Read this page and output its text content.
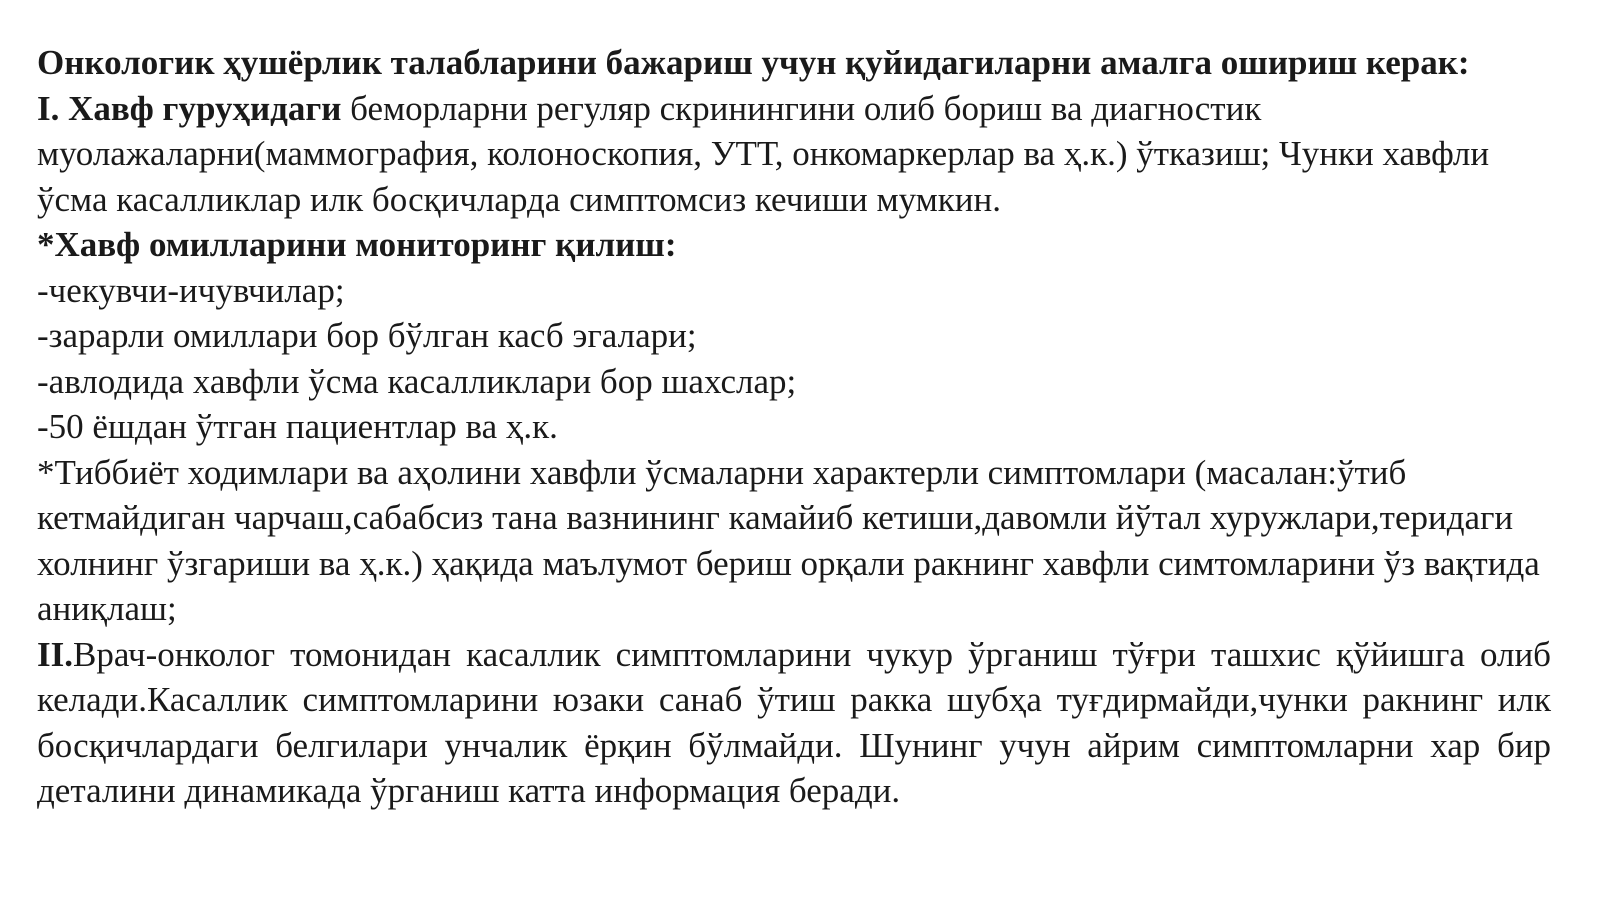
Онкологик ҳушёрлик талабларини бажариш учун қуйидагиларни амалга ошириш керак:

I. Хавф гуруҳидаги беморларни регуляр скринингини олиб бориш ва диагностик муолажаларни(маммография, колоноскопия, УТТ, онкомаркерлар ва ҳ.к.) ўтказиш; Чунки хавфли ўсма касалликлар илк босқичларда симптомсиз кечиши мумкин.

*Хавф омилларини мониторинг қилиш:

-чекувчи-ичувчилар;
-зарарли омиллари бор бўлган касб эгалари;
-авлодида хавфли ўсма касалликлари бор шахслар;
-50 ёшдан ўтган пациентлар ва ҳ.к.

*Тиббиёт ходимлари ва аҳолини хавфли ўсмаларни характерли симптомлари (масалан:ўтиб кетмайдиган чарчаш,сабабсиз тана вазнининг камайиб кетиши,давомли йўтал хуружлари,теридаги холнинг ўзгариши ва ҳ.к.) ҳақида маълумот бериш орқали ракнинг хавфли симтомларини ўз вақтида аниқлаш;

II.Врач-онколог томонидан касаллик симптомларини чукур ўрганиш тўғри ташхис қўйишга олиб келади.Касаллик симптомларини юзаки санаб ўтиш ракка шубҳа туғдирмайди,чунки ракнинг илк босқичлардаги белгилари унчалик ёрқин бўлмайди. Шунинг учун айрим симптомларни хар бир деталини динамикада ўрганиш катта информация беради.
